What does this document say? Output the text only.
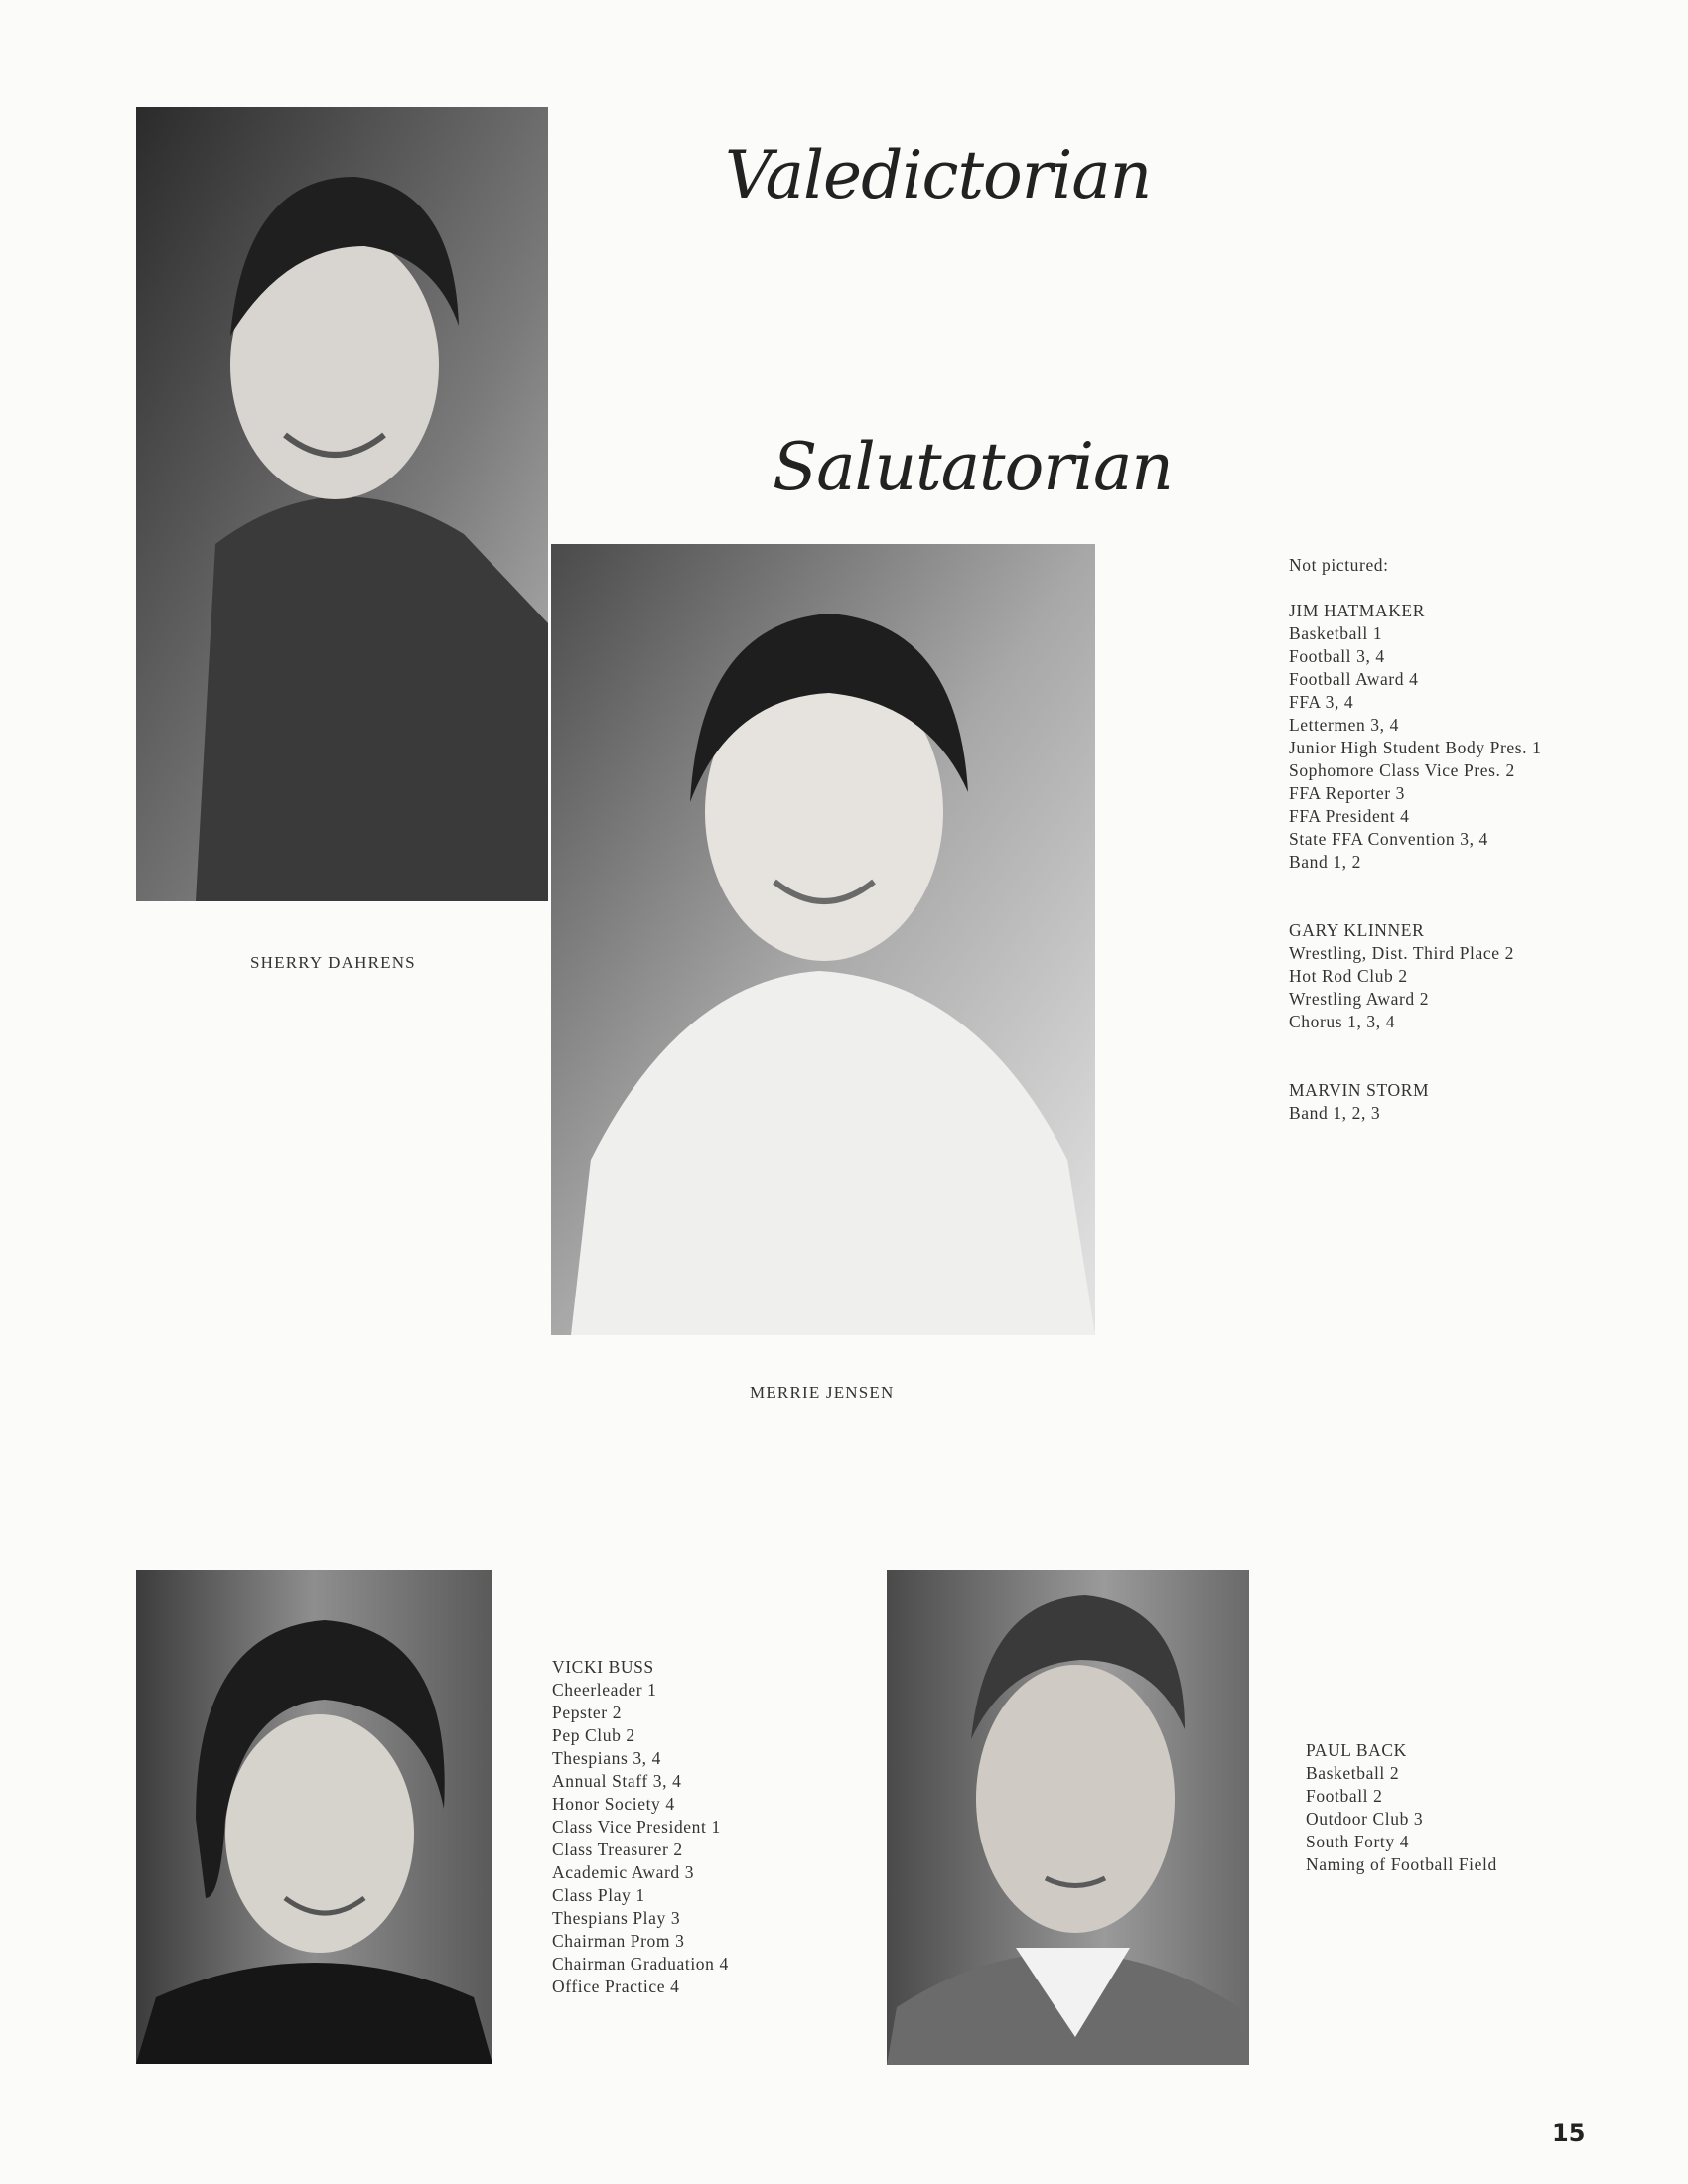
Valedictorian
SHERRY DAHRENS
Salutatorian
MERRIE JENSEN
Not pictured:
JIM HATMAKER
Basketball 1
Football 3, 4
Football Award 4
FFA 3, 4
Lettermen 3, 4
Junior High Student Body Pres. 1
Sophomore Class Vice Pres. 2
FFA Reporter 3
FFA President 4
State FFA Convention 3, 4
Band 1, 2
GARY KLINNER
Wrestling, Dist. Third Place 2
Hot Rod Club 2
Wrestling Award 2
Chorus 1, 3, 4
MARVIN STORM
Band 1, 2, 3
VICKI BUSS
Cheerleader 1
Pepster 2
Pep Club 2
Thespians 3, 4
Annual Staff 3, 4
Honor Society 4
Class Vice President 1
Class Treasurer 2
Academic Award 3
Class Play 1
Thespians Play 3
Chairman Prom 3
Chairman Graduation 4
Office Practice 4
PAUL BACK
Basketball 2
Football 2
Outdoor Club 3
South Forty 4
Naming of Football Field
15
